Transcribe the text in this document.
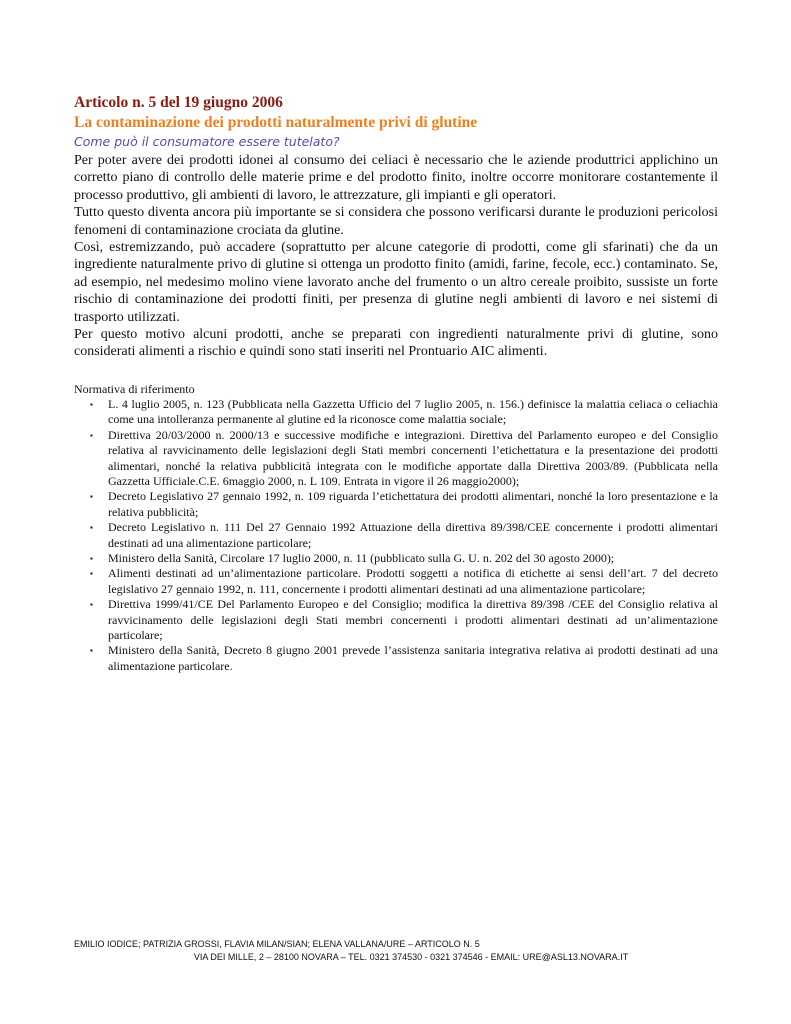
Articolo n. 5 del 19 giugno 2006
La contaminazione dei prodotti naturalmente privi di glutine

Come può il consumatore essere tutelato?

Per poter avere dei prodotti idonei al consumo dei celiaci è necessario che le aziende produttrici applichino un corretto piano di controllo delle materie prime e del prodotto finito, inoltre occorre monitorare costantemente il processo produttivo, gli ambienti di lavoro, le attrezzature, gli impianti e gli operatori.

Tutto questo diventa ancora più importante se si considera che possono verificarsi durante le produzioni pericolosi fenomeni di contaminazione crociata da glutine.

Così, estremizzando, può accadere (soprattutto per alcune categorie di prodotti, come gli sfarinati) che da un ingrediente naturalmente privo di glutine si ottenga un prodotto finito (amidi, farine, fecole, ecc.) contaminato. Se, ad esempio, nel medesimo molino viene lavorato anche del frumento o un altro cereale proibito, sussiste un forte rischio di contaminazione dei prodotti finiti, per presenza di glutine negli ambienti di lavoro e nei sistemi di trasporto utilizzati.

Per questo motivo alcuni prodotti, anche se preparati con ingredienti naturalmente privi di glutine, sono considerati alimenti a rischio e quindi sono stati inseriti nel Prontuario AIC alimenti.

Normativa di riferimento

▪ L. 4 luglio 2005, n. 123 (Pubblicata nella Gazzetta Ufficio del 7 luglio 2005, n. 156.) definisce la malattia celiaca o celiachia come una intolleranza permanente al glutine ed la riconosce come malattia sociale;
▪ Direttiva 20/03/2000 n. 2000/13 e successive modifiche e integrazioni. Direttiva del Parlamento europeo e del Consiglio relativa al ravvicinamento delle legislazioni degli Stati membri concernenti l’etichettatura e la presentazione dei prodotti alimentari, nonché la relativa pubblicità integrata con le modifiche apportate dalla Direttiva 2003/89. (Pubblicata nella Gazzetta Ufficiale.C.E. 6maggio 2000, n. L 109. Entrata in vigore il 26 maggio2000);
▪ Decreto Legislativo 27 gennaio 1992, n. 109 riguarda l’etichettatura dei prodotti alimentari, nonché la loro presentazione e la relativa pubblicità;
▪ Decreto Legislativo n. 111 Del 27 Gennaio 1992 Attuazione della direttiva 89/398/CEE concernente i prodotti alimentari destinati ad una alimentazione particolare;
▪ Ministero della Sanità, Circolare 17 luglio 2000, n. 11 (pubblicato sulla G. U. n. 202 del 30 agosto 2000);
▪ Alimenti destinati ad un’alimentazione particolare. Prodotti soggetti a notifica di etichette ai sensi dell’art. 7 del decreto legislativo 27 gennaio 1992, n. 111, concernente i prodotti alimentari destinati ad una alimentazione particolare;
▪ Direttiva 1999/41/CE Del Parlamento Europeo e del Consiglio; modifica la direttiva 89/398 /CEE del Consiglio relativa al ravvicinamento delle legislazioni degli Stati membri concernenti i prodotti alimentari destinati ad un’alimentazione particolare;
▪ Ministero della Sanità, Decreto 8 giugno 2001 prevede l’assistenza sanitaria integrativa relativa ai prodotti destinati ad una alimentazione particolare.
EMILIO IODICE; PATRIZIA GROSSI, FLAVIA MILAN/SIAN; ELENA VALLANA/URE – ARTICOLO N. 5
VIA DEI MILLE, 2 – 28100 NOVARA – TEL. 0321 374530 - 0321 374546 - EMAIL: URE@ASL13.NOVARA.IT
